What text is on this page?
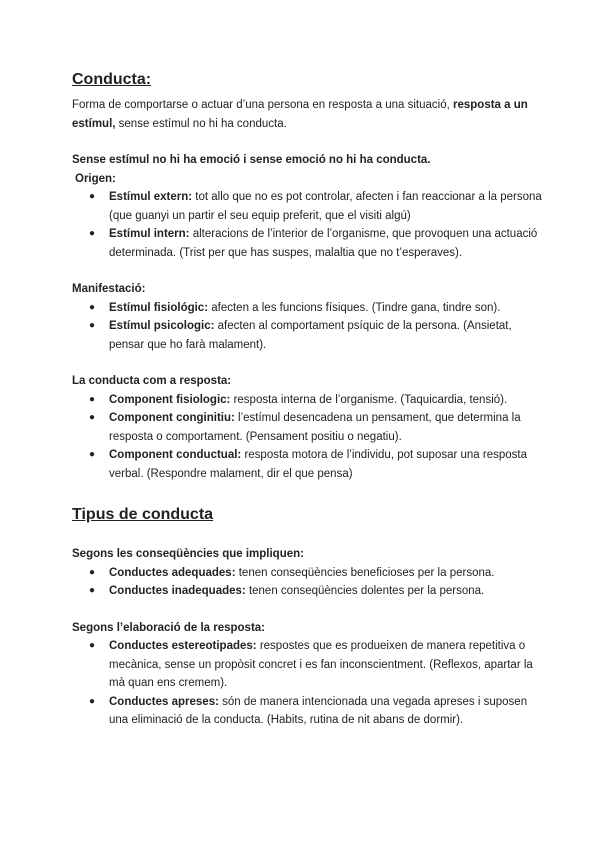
Conducta:

Forma de comportarse o actuar d’una persona en resposta a una situació, resposta a un estímul, sense estímul no hi ha conducta.

Sense estímul no hi ha emoció i sense emoció no hi ha conducta.

Origen:

● Estímul extern: tot allo que no es pot controlar, afecten i fan reaccionar a la persona (que guanyi un partir el seu equip preferit, que el visiti algú)
● Estímul intern: alteracions de l’interior de l’organisme, que provoquen una actuació determinada. (Trist per que has suspes, malaltia que no t’esperaves).

Manifestació:

● Estímul fisiológic: afecten a les funcions físiques. (Tindre gana, tindre son).
● Estímul psicologic: afecten al comportament psíquic de la persona. (Ansietat, pensar que ho farà malament).

La conducta com a resposta:

● Component fisiologic: resposta interna de l’organisme. (Taquicardia, tensió).
● Component conginitiu: l’estímul desencadena un pensament, que determina la resposta o comportament. (Pensament positiu o negatiu).
● Component conductual: resposta motora de l’individu, pot suposar una resposta verbal. (Respondre malament, dir el que pensa)
Tipus de conducta

Segons les conseqüències que impliquen:

● Conductes adequades: tenen conseqüències beneficioses per la persona.
● Conductes inadequades: tenen conseqüències dolentes per la persona.

Segons l’elaboració de la resposta:

● Conductes estereotipades: respostes que es produeixen de manera repetitiva o mecànica, sense un propòsit concret i es fan inconscientment. (Reflexos, apartar la mà quan ens cremem).
● Conductes apreses: són de manera intencionada una vegada apreses i suposen una eliminació de la conducta. (Habits, rutina de nit abans de dormir).
